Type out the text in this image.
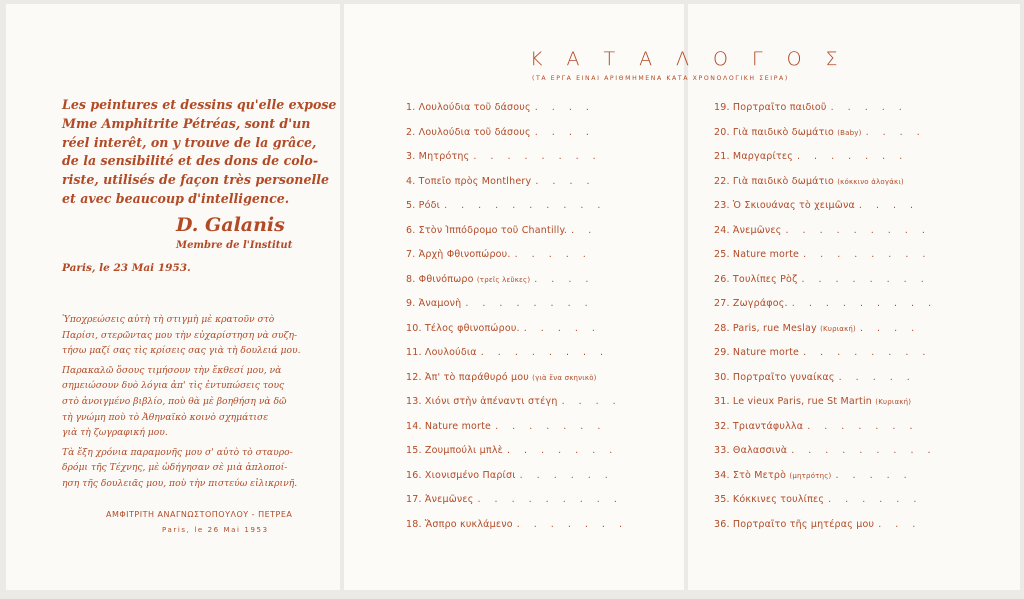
Les peintures et dessins qu'elle expose
Mme Amphitrite Pétréas, sont d'un
réel interêt, on y trouve de la grâce,
de la sensibilité et des dons de colo-
riste, utilisés de façon très personelle
et avec beaucoup d'intelligence.
D. Galanis
Membre de l'Institut
Paris, le 23 Mai 1953.
Ὑποχρεώσεις αὐτὴ τὴ στιγμὴ μὲ κρατοῦν στὸ
Παρίσι, στερῶντας μου τὴν εὐχαρίστηση νὰ συζη-
τήσω μαζί σας τὶς κρίσεις σας γιὰ τὴ δουλειά μου.
Παρακαλῶ ὅσους τιμήσουν τὴν ἔκθεσί μου, νὰ
σημειώσουν δυὸ λόγια ἀπ' τὶς ἐντυπώσεις τους
στὸ ἀνοιγμένο βιβλίο, ποὺ θὰ μὲ βοηθήση νὰ δῶ
τὴ γνώμη ποὺ τὸ Ἀθηναϊκὸ κοινὸ σχημάτισε
γιὰ τὴ ζωγραφική μου.
Τὰ ἔξη χρόνια παραμονῆς μου σ' αὐτὸ τὸ σταυρο-
δρόμι τῆς Τέχνης, μὲ ὡδήγησαν σὲ μιὰ ἁπλοποί-
ηση τῆς δουλειᾶς μου, ποὺ τὴν πιστεύω εἰλικρινῆ.
ΑΜΦΙΤΡΙΤΗ ΑΝΑΓΝΩΣΤΟΠΟΥΛΟΥ - ΠΕΤΡΕΑ
Paris, le 26 Mai 1953
1. Λουλούδια τοῦ δάσους . . . .
2. Λουλούδια τοῦ δάσους . . . .
3. Μητρότης . . . . . . . .
4. Τοπεῖο πρὸς Montlhery . . . .
5. Ρόδι . . . . . . . . . .
6. Στὸν Ἱππόδρομο τοῦ Chantilly. . .
7. Ἀρχὴ Φθινοπώρου. . . . . .
8. Φθινόπωρο (τρεῖς λεῦκες) . . . .
9. Ἀναμονὴ . . . . . . . .
10. Τέλος φθινοπώρου. . . . . .
11. Λουλούδια . . . . . . . .
12. Ἀπ' τὸ παράθυρό μου (γιὰ ἕνα σκηνικὸ)
13. Χιόνι στὴν ἀπέναντι στέγη . . . .
14. Nature morte . . . . . . .
15. Ζουμπούλι μπλὲ . . . . . . .
16. Χιονισμένο Παρίσι . . . . . .
17. Ἀνεμῶνες . . . . . . . . .
18. Ἄσπρο κυκλάμενο . . . . . . .
19. Πορτραῖτο παιδιοῦ . . . . .
20. Γιὰ παιδικὸ δωμάτιο (Baby) . . . .
21. Μαργαρίτες . . . . . . .
22. Γιὰ παιδικὸ δωμάτιο (κόκκινο ἀλογάκι)
23. Ὁ Σκιουάνας τὸ χειμῶνα . . . .
24. Ἀνεμῶνες . . . . . . . . .
25. Nature morte . . . . . . . .
26. Τουλίπες Ρὸζ . . . . . . . .
27. Ζωγράφος. . . . . . . . . .
28. Paris, rue Meslay (Κυριακή) . . . .
29. Nature morte . . . . . . . .
30. Πορτραῖτο γυναίκας . . . . .
31. Le vieux Paris, rue St Martin (Κυριακή)
32. Τριαντάφυλλα . . . . . . .
33. Θαλασσινὰ . . . . . . . . .
34. Στὸ Μετρὸ (μητρότης) . . . . .
35. Κόκκινες τουλίπες . . . . . .
36. Πορτραῖτο τῆς μητέρας μου . . .
ΚΑΤΑΛΟΓΟΣ
(ΤΑ ΕΡΓΑ ΕΙΝΑΙ ΑΡΙΘΜΗΜΕΝΑ ΚΑΤΑ ΧΡΟΝΟΛΟΓΙΚΗ ΣΕΙΡΑ)
